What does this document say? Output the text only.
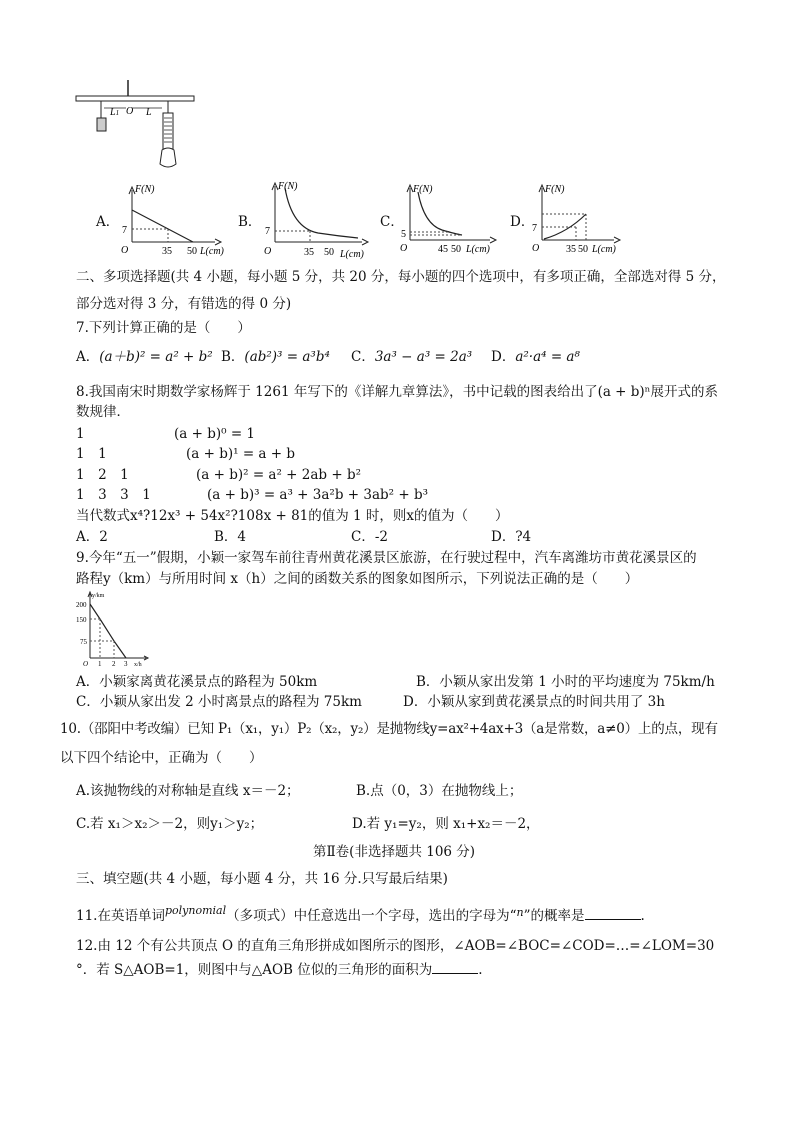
L1 O L
A．
F(N)
7
O	35 50 L(cm)
B．
F(N)
7
O	35 50 L(cm)
C．
F(N)
5
O	45 50 L(cm)
D．
F(N)
7
O	35 50 L(cm)
二、多项选择题(共 4 小题，每小题 5 分，共 20 分，每小题的四个选项中，有多项正确，全部选对得 5 分，
部分选对得 3 分，有错选的得 0 分)
7.下列计算正确的是（　　）
A．(a＋b)² = a² + b² B．(ab²)³ = a³b⁴ C．3a³ − a³ = 2a³ D．a²·a⁴ = a⁸
8.我国南宋时期数学家杨辉于 1261 年写下的《详解九章算法》，书中记载的图表给出了(a + b)ⁿ展开式的系
数规律．
1	(a + b)⁰ = 1
1　1	(a + b)¹ = a + b
1　2　1	(a + b)² = a² + 2ab + b²
1　3　3　1	(a + b)³ = a³ + 3a²b + 3ab² + b³
当代数式x⁴?12x³ + 54x²?108x + 81的值为 1 时，则x的值为（　　）
A．2	B．4	C．-2	D．?4
9.今年“五一”假期，小颖一家驾车前往青州黄花溪景区旅游，在行驶过程中，汽车离潍坊市黄花溪景区的
路程y（km）与所用时间 x（h）之间的函数关系的图象如图所示，下列说法正确的是（　　）
y/km
200
150
75
O 1 2 3 x/h
A．小颖家离黄花溪景点的路程为 50km	B．小颖从家出发第 1 小时的平均速度为 75km/h
C．小颖从家出发 2 小时离景点的路程为 75km	D．小颖从家到黄花溪景点的时间共用了 3h
10.（邵阳中考改编）已知 P₁（x₁，y₁）P₂（x₂，y₂）是抛物线y=ax²+4ax+3（a是常数，a≠0）上的点，现有
以下四个结论中，正确为（　　）
A.该抛物线的对称轴是直线 x＝－2；	B.点（0，3）在抛物线上；
C.若 x₁＞x₂＞－2，则y₁＞y₂；	D.若 y₁=y₂，则 x₁+x₂＝－2，
第Ⅱ卷(非选择题共 106 分)
三、填空题(共 4 小题，每小题 4 分，共 16 分.只写最后结果)
11.在英语单词$^{polynomial}$（多项式）中任意选出一个字母，选出的字母为“$^n$”的概率是	.
12.由 12 个有公共顶点 O 的直角三角形拼成如图所示的图形，∠AOB=∠BOC=∠COD=…=∠LOM=30
°．若 S△AOB=1，则图中与△AOB 位似的三角形的面积为	.
